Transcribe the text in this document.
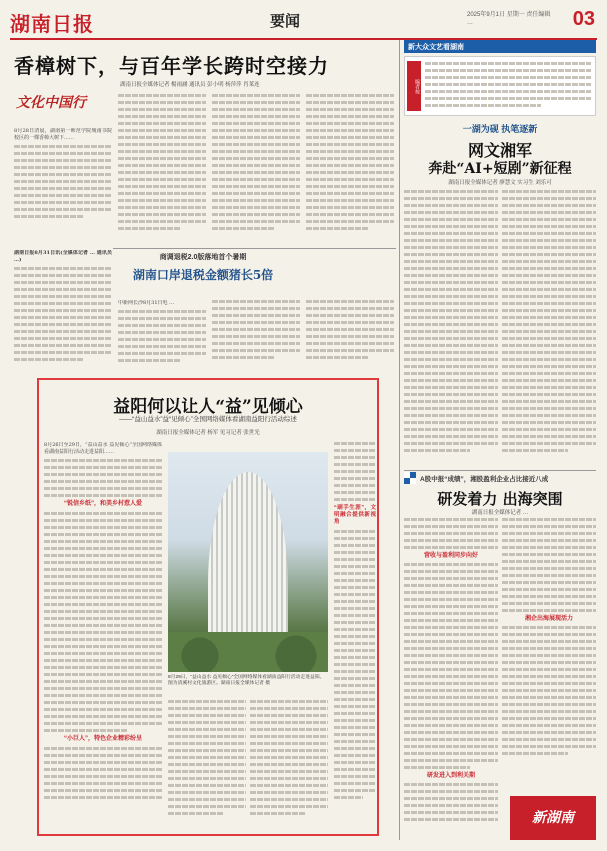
湖南日报	要闻	2025年9月1日 星期一 责任编辑 …	03
香樟树下，与百年学长跨时空接力
湖南日报全媒体记者 楊雨涵 通讯员 彭小明 杨萍萍 肖莱连
文化中国行
8月28日清晨，湖南第一师范学院城南书院校区的一棵香樟大树下……
湖南日报8月31日讯(全媒体记者 … 通讯员 …)	商调退税2.0版落地首个暑期
湖南口岸退税金额猪长5倍
中新网长沙8月31日电 …
益阳何以让人“益”见倾心
——“益山益水”益“见倾心”全国网络媒体看湖南益阳行活动综述
湖南日报全媒体记者 杨军 见习记者 张世光
8月26日至29日，“益山益水 益见倾心”全国网络媒体看湖南益阳行活动走进益阳……
“锐信乡纸”，和美乡村惹人爱
“小巨人”，特色企业精彩纷呈
8月29日，“益山益水 益见倾心”全国网络媒体看湖南益阳行活动走进益阳。图为清溪村文化旅游区。湖南日报全媒体记者 摄
“刷手生涯”，文明融合提供新视角
新大众文艺看湖南
编者按
一湖为砚 执笔逐新
网文湘军
奔赴“AI+短剧”新征程
湖南日报全媒体记者 廖慧文 实习生 刘乐可
A股中报“成绩”，湘股盈利企业占比接近八成
研发着力 出海突围
湖南日报全媒体记者 …
营收与盈利同步向好
研发进入到利关期
湘企出海展现活力
新湖南
